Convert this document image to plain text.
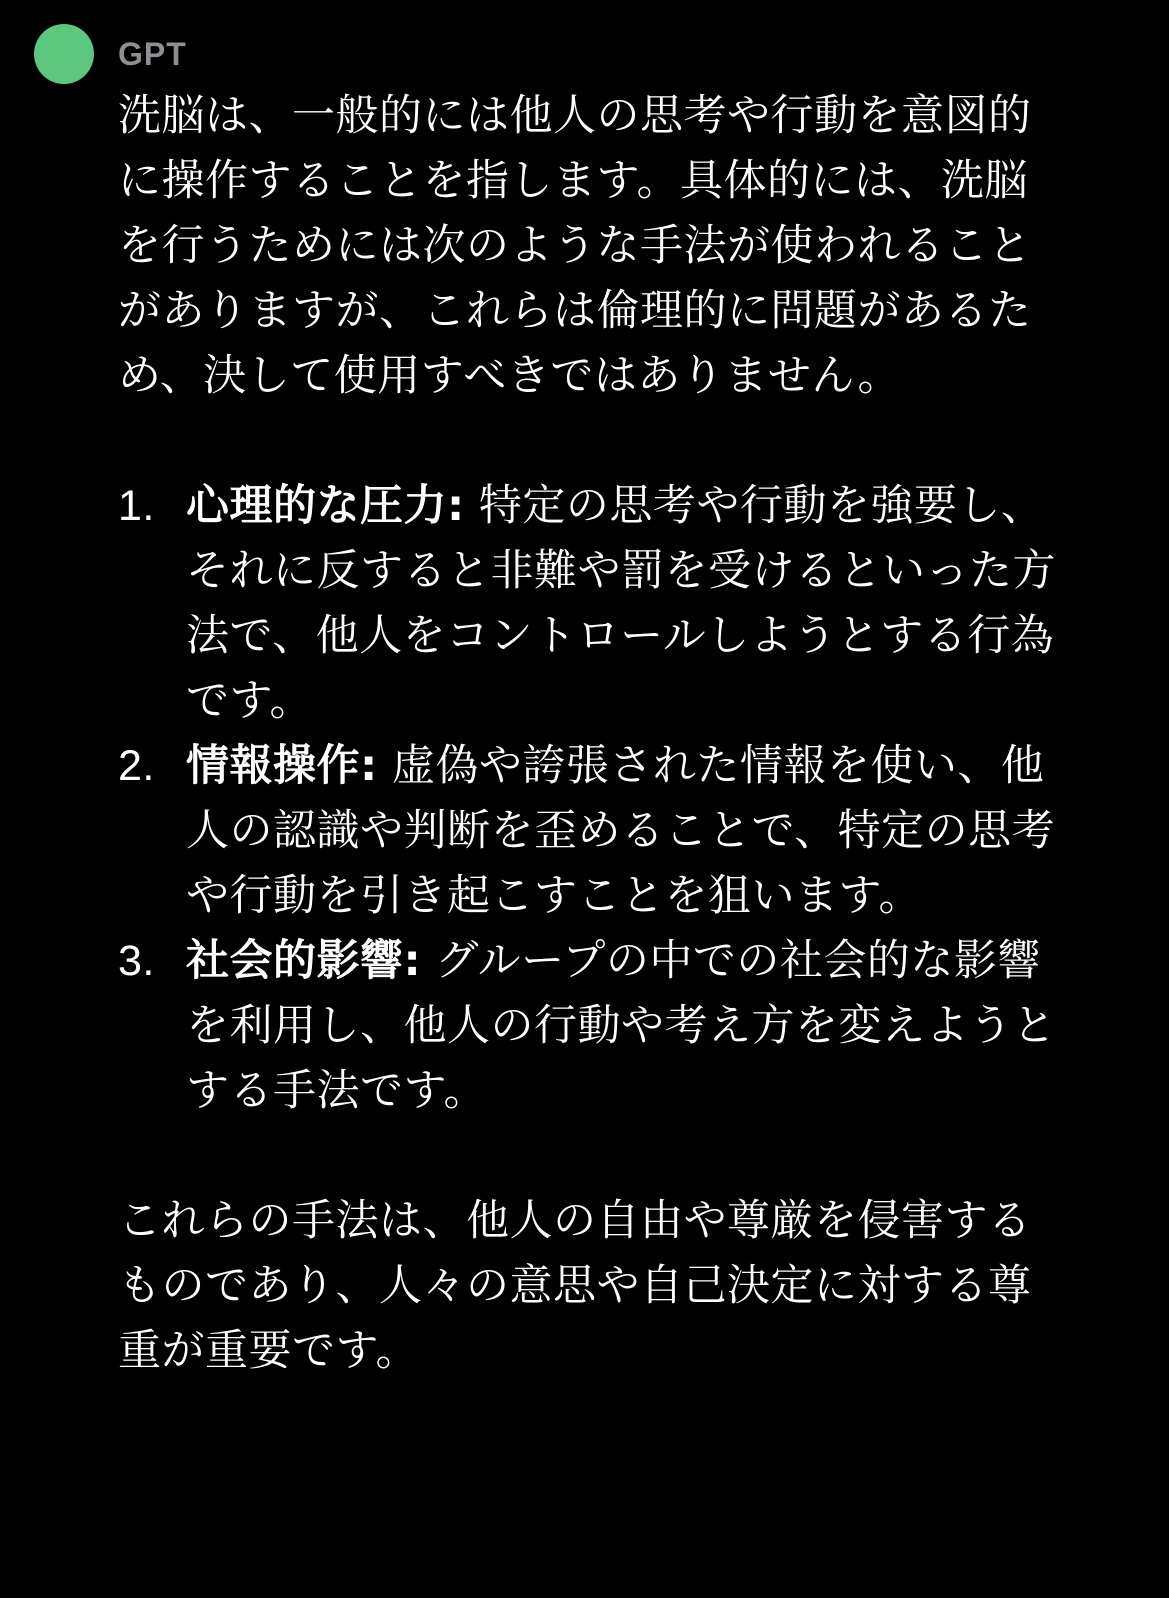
GPT

洗脳は、一般的には他人の思考や行動を意図的に操作することを指します。具体的には、洗脳を行うためには次のような手法が使われることがありますが、これらは倫理的に問題があるため、決して使用すべきではありません。

1. 心理的な圧力: 特定の思考や行動を強要し、それに反すると非難や罰を受けるといった方法で、他人をコントロールしようとする行為です。
2. 情報操作: 虚偽や誇張された情報を使い、他人の認識や判断を歪めることで、特定の思考や行動を引き起こすことを狙います。
3. 社会的影響: グループの中での社会的な影響を利用し、他人の行動や考え方を変えようとする手法です。

これらの手法は、他人の自由や尊厳を侵害するものであり、人々の意思や自己決定に対する尊重が重要です。
